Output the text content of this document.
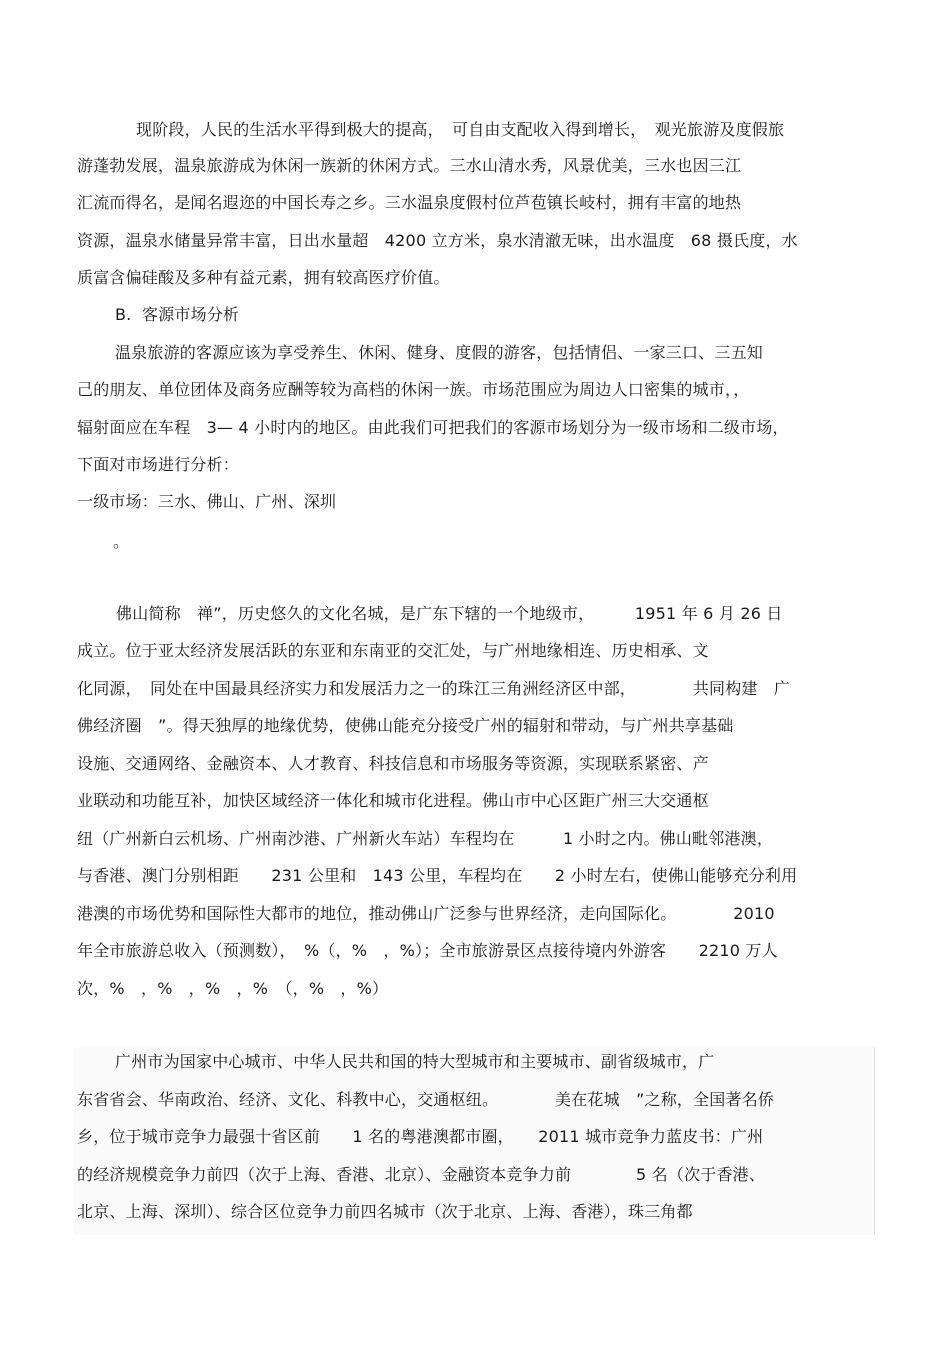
现阶段，人民的生活水平得到极大的提高，　可自由支配收入得到增长，　观光旅游及度假旅
游蓬勃发展，温泉旅游成为休闲一族新的休闲方式。三水山清水秀，风景优美，三水也因三江
汇流而得名，是闻名遐迩的中国长寿之乡。三水温泉度假村位芦苞镇长岐村，拥有丰富的地热
资源，温泉水储量异常丰富，日出水量超　4200 立方米，泉水清澈无味，出水温度　68 摄氏度，水
质富含偏硅酸及多种有益元素，拥有较高医疗价值。
B.  客源市场分析
温泉旅游的客源应该为享受养生、休闲、健身、度假的游客，包括情侣、一家三口、三五知
己的朋友、单位团体及商务应酬等较为高档的休闲一族。市场范围应为周边人口密集的城市，，
辐射面应在车程　3— 4 小时内的地区。由此我们可把我们的客源市场划分为一级市场和二级市场，
下面对市场进行分析：
一级市场：三水、佛山、广州、深圳
。
佛山简称　禅”，历史悠久的文化名城，是广东下辖的一个地级市，　　　1951 年 6 月 26 日
成立。位于亚太经济发展活跃的东亚和东南亚的交汇处，与广州地缘相连、历史相承、文
化同源，　同处在中国最具经济实力和发展活力之一的珠江三角洲经济区中部，　　　　共同构建　广
佛经济圈　”。得天独厚的地缘优势，使佛山能充分接受广州的辐射和带动，与广州共享基础
设施、交通网络、金融资本、人才教育、科技信息和市场服务等资源，实现联系紧密、产
业联动和功能互补，加快区域经济一体化和城市化进程。佛山市中心区距广州三大交通枢
纽（广州新白云机场、广州南沙港、广州新火车站）车程均在　　　1 小时之内。佛山毗邻港澳，
与香港、澳门分别相距　　231 公里和　143 公里，车程均在　　2 小时左右，使佛山能够充分利用
港澳的市场优势和国际性大都市的地位，推动佛山广泛参与世界经济，走向国际化。　　　　2010
年全市旅游总收入（预测数），　%（，%　，%）；全市旅游景区点接待境内外游客　　2210 万人
次，%　，%　，%　，%　（，%　，%）
广州市为国家中心城市、中华人民共和国的特大型城市和主要城市、副省级城市，广
东省省会、华南政治、经济、文化、科教中心，交通枢纽。　　　　美在花城　”之称，全国著名侨
乡，位于城市竞争力最强十省区前　　1 名的粤港澳都市圈，　　2011 城市竞争力蓝皮书：广州
的经济规模竞争力前四（次于上海、香港、北京）、金融资本竞争力前　　　　5 名（次于香港、
北京、上海、深圳）、综合区位竞争力前四名城市（次于北京、上海、香港），珠三角都
